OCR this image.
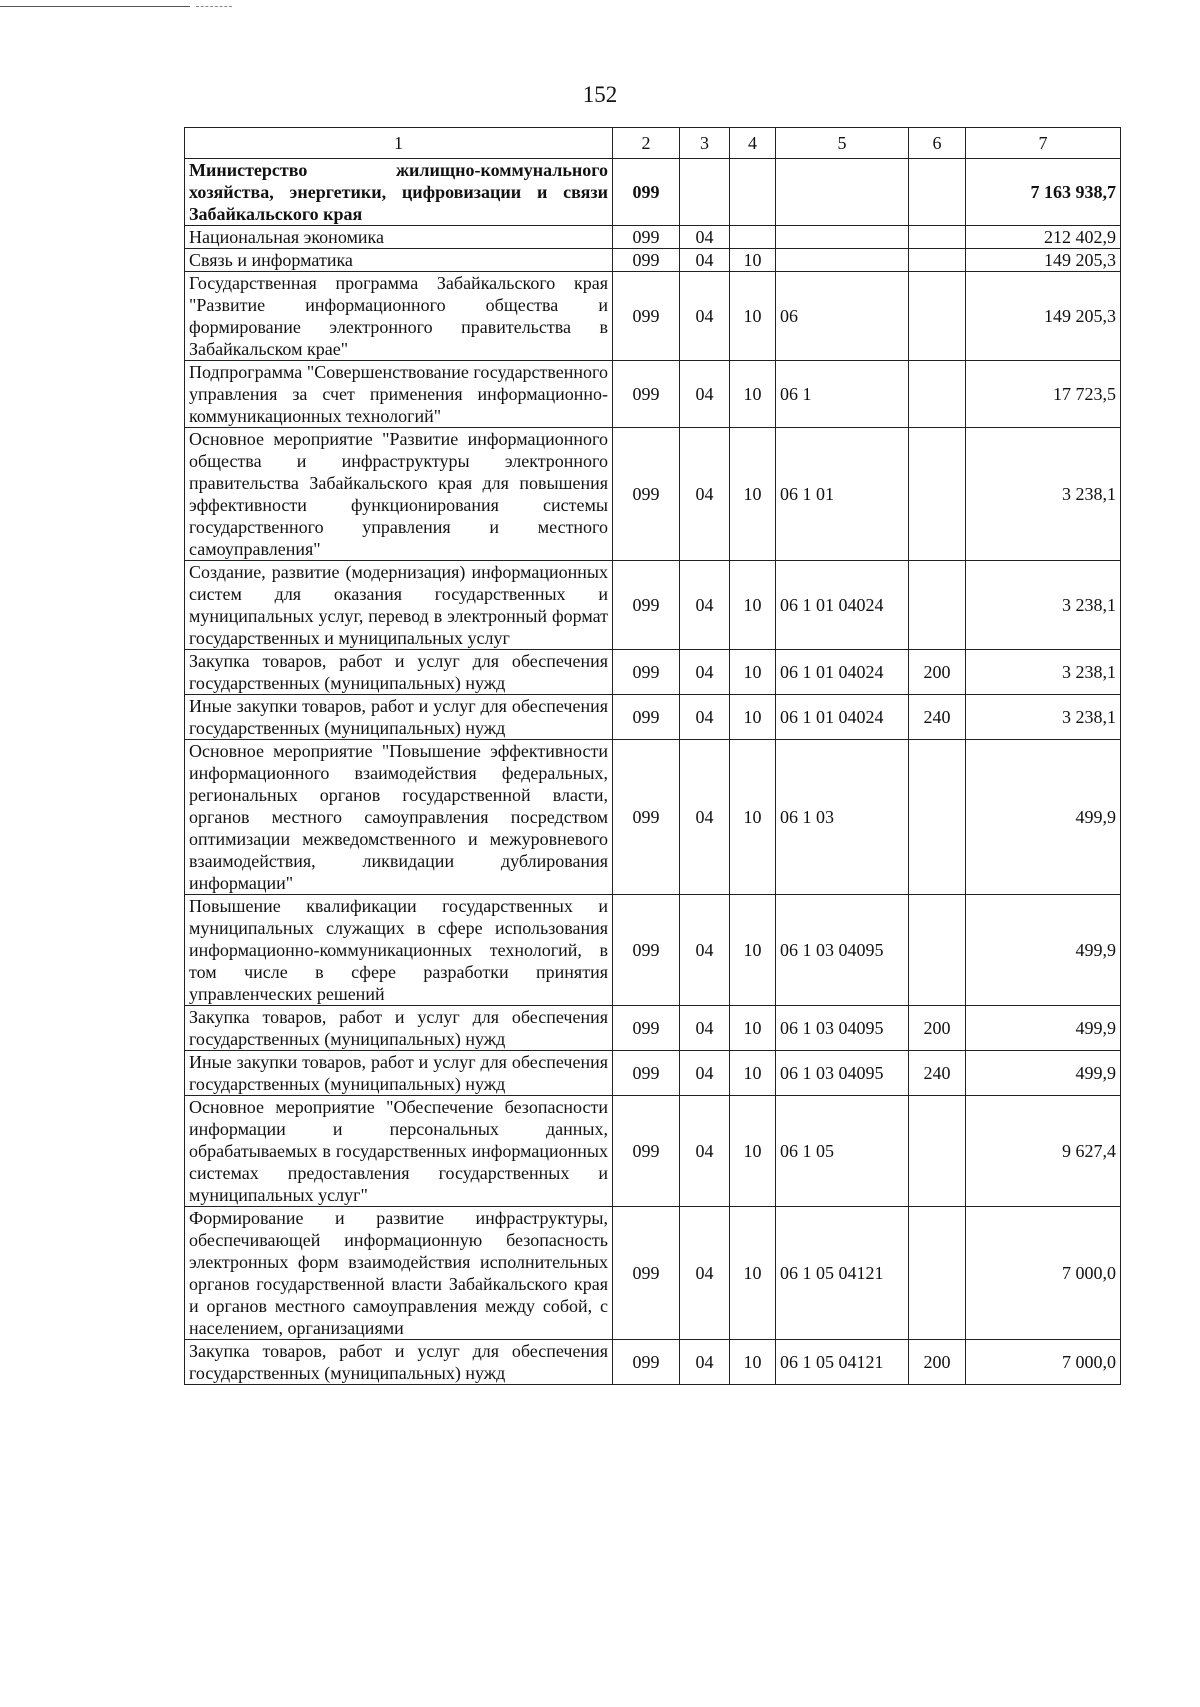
152
1	2	3	4	5	6	7
Министерство жилищно-коммунального хозяйства, энергетики, цифровизации и связи Забайкальского края	099					7 163 938,7
Национальная экономика	099	04				212 402,9
Связь и информатика	099	04	10			149 205,3
Государственная программа Забайкальского края "Развитие информационного общества и формирование электронного правительства в Забайкальском крае"	099	04	10	06		149 205,3
Подпрограмма "Совершенствование государственного управления за счет применения информационно-коммуникационных технологий"	099	04	10	06 1		17 723,5
Основное мероприятие "Развитие информационного общества и инфраструктуры электронного правительства Забайкальского края для повышения эффективности функционирования системы государственного управления и местного самоуправления"	099	04	10	06 1 01		3 238,1
Создание, развитие (модернизация) информационных систем для оказания государственных и муниципальных услуг, перевод в электронный формат государственных и муниципальных услуг	099	04	10	06 1 01 04024		3 238,1
Закупка товаров, работ и услуг для обеспечения государственных (муниципальных) нужд	099	04	10	06 1 01 04024	200	3 238,1
Иные закупки товаров, работ и услуг для обеспечения государственных (муниципальных) нужд	099	04	10	06 1 01 04024	240	3 238,1
Основное мероприятие "Повышение эффективности информационного взаимодействия федеральных, региональных органов государственной власти, органов местного самоуправления посредством оптимизации межведомственного и межуровневого взаимодействия, ликвидации дублирования информации"	099	04	10	06 1 03		499,9
Повышение квалификации государственных и муниципальных служащих в сфере использования информационно-коммуникационных технологий, в том числе в сфере разработки принятия управленческих решений	099	04	10	06 1 03 04095		499,9
Закупка товаров, работ и услуг для обеспечения государственных (муниципальных) нужд	099	04	10	06 1 03 04095	200	499,9
Иные закупки товаров, работ и услуг для обеспечения государственных (муниципальных) нужд	099	04	10	06 1 03 04095	240	499,9
Основное мероприятие "Обеспечение безопасности информации и персональных данных, обрабатываемых в государственных информационных системах предоставления государственных и муниципальных услуг"	099	04	10	06 1 05		9 627,4
Формирование и развитие инфраструктуры, обеспечивающей информационную безопасность электронных форм взаимодействия исполнительных органов государственной власти Забайкальского края и органов местного самоуправления между собой, с населением, организациями	099	04	10	06 1 05 04121		7 000,0
Закупка товаров, работ и услуг для обеспечения государственных (муниципальных) нужд	099	04	10	06 1 05 04121	200	7 000,0
